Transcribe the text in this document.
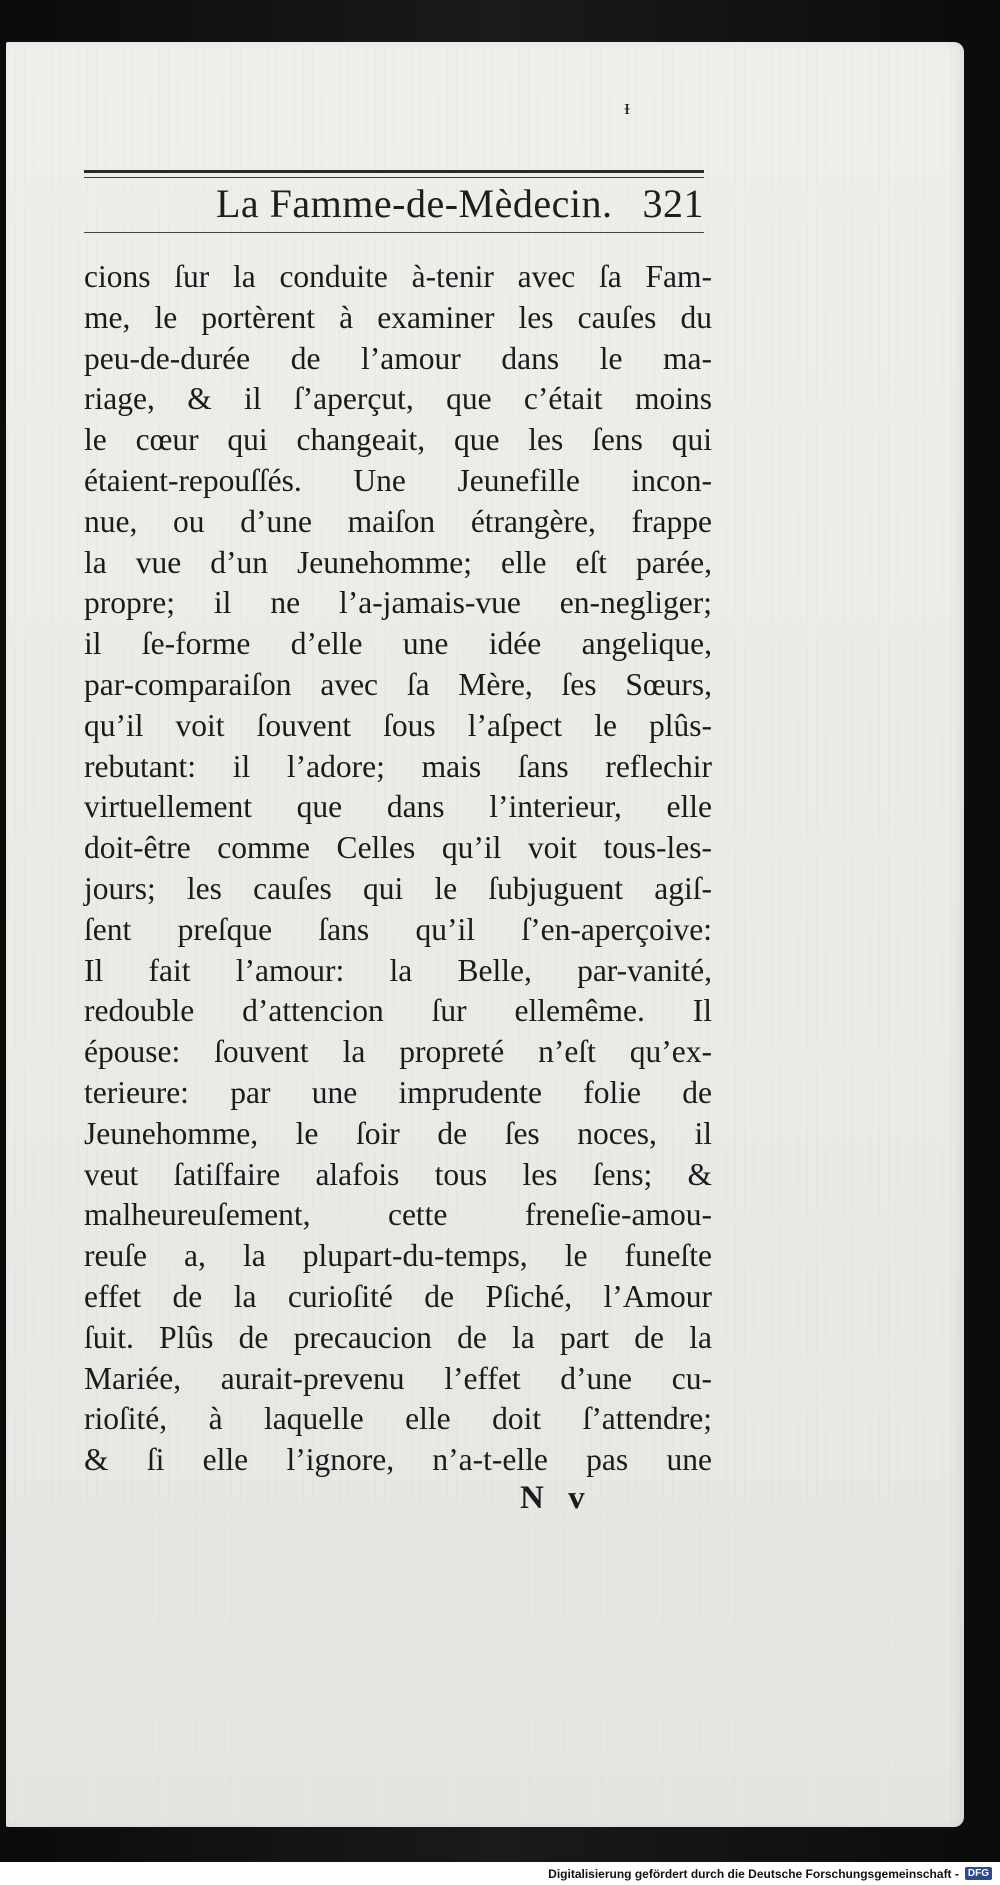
ᵻ
La Famme-de-Mèdecin. 321
cions ſur la conduite à-tenir avec ſa Fam-
me, le portèrent à examiner les cauſes du
peu-de-durée de l’amour dans le ma-
riage, & il ſ’aperçut, que c’était moins
le cœur qui changeait, que les ſens qui
étaient-repouſſés. Une Jeunefille incon-
nue, ou d’une maiſon étrangère, frappe
la vue d’un Jeunehomme; elle eſt parée,
propre; il ne l’a-jamais-vue en-negliger;
il ſe-forme d’elle une idée angelique,
par-comparaiſon avec ſa Mère, ſes Sœurs,
qu’il voit ſouvent ſous l’aſpect le plûs-
rebutant: il l’adore; mais ſans reflechir
virtuellement que dans l’interieur, elle
doit-être comme Celles qu’il voit tous-les-
jours; les cauſes qui le ſubjuguent agiſ-
ſent preſque ſans qu’il ſ’en-aperçoive:
Il fait l’amour: la Belle, par-vanité,
redouble d’attencion ſur ellemême. Il
épouse: ſouvent la propreté n’eſt qu’ex-
terieure: par une imprudente folie de
Jeunehomme, le ſoir de ſes noces, il
veut ſatiſfaire alafois tous les ſens; &
malheureuſement, cette freneſie-amou-
reuſe a, la plupart-du-temps, le funeſte
effet de la curioſité de Pſiché, l’Amour
ſuit. Plûs de precaucion de la part de la
Mariée, aurait-prevenu l’effet d’une cu-
rioſité, à laquelle elle doit ſ’attendre;
& ſi elle l’ignore, n’a-t-elle pas une
N v
Digitalisierung gefördert durch die Deutsche Forschungsgemeinschaft - DFG
